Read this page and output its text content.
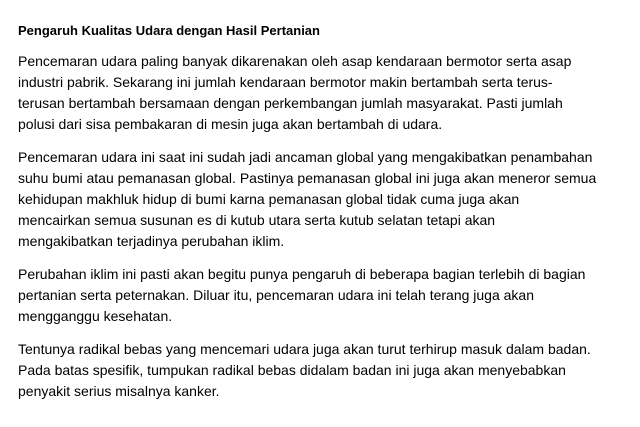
Pengaruh Kualitas Udara dengan Hasil Pertanian
Pencemaran udara paling banyak dikarenakan oleh asap kendaraan bermotor serta asap
industri pabrik. Sekarang ini jumlah kendaraan bermotor makin bertambah serta terus-
terusan bertambah bersamaan dengan perkembangan jumlah masyarakat. Pasti jumlah
polusi dari sisa pembakaran di mesin juga akan bertambah di udara.
Pencemaran udara ini saat ini sudah jadi ancaman global yang mengakibatkan penambahan
suhu bumi atau pemanasan global. Pastinya pemanasan global ini juga akan meneror semua
kehidupan makhluk hidup di bumi karna pemanasan global tidak cuma juga akan
mencairkan semua susunan es di kutub utara serta kutub selatan tetapi akan
mengakibatkan terjadinya perubahan iklim.
Perubahan iklim ini pasti akan begitu punya pengaruh di beberapa bagian terlebih di bagian
pertanian serta peternakan. Diluar itu, pencemaran udara ini telah terang juga akan
mengganggu kesehatan.
Tentunya radikal bebas yang mencemari udara juga akan turut terhirup masuk dalam badan.
Pada batas spesifik, tumpukan radikal bebas didalam badan ini juga akan menyebabkan
penyakit serius misalnya kanker.
